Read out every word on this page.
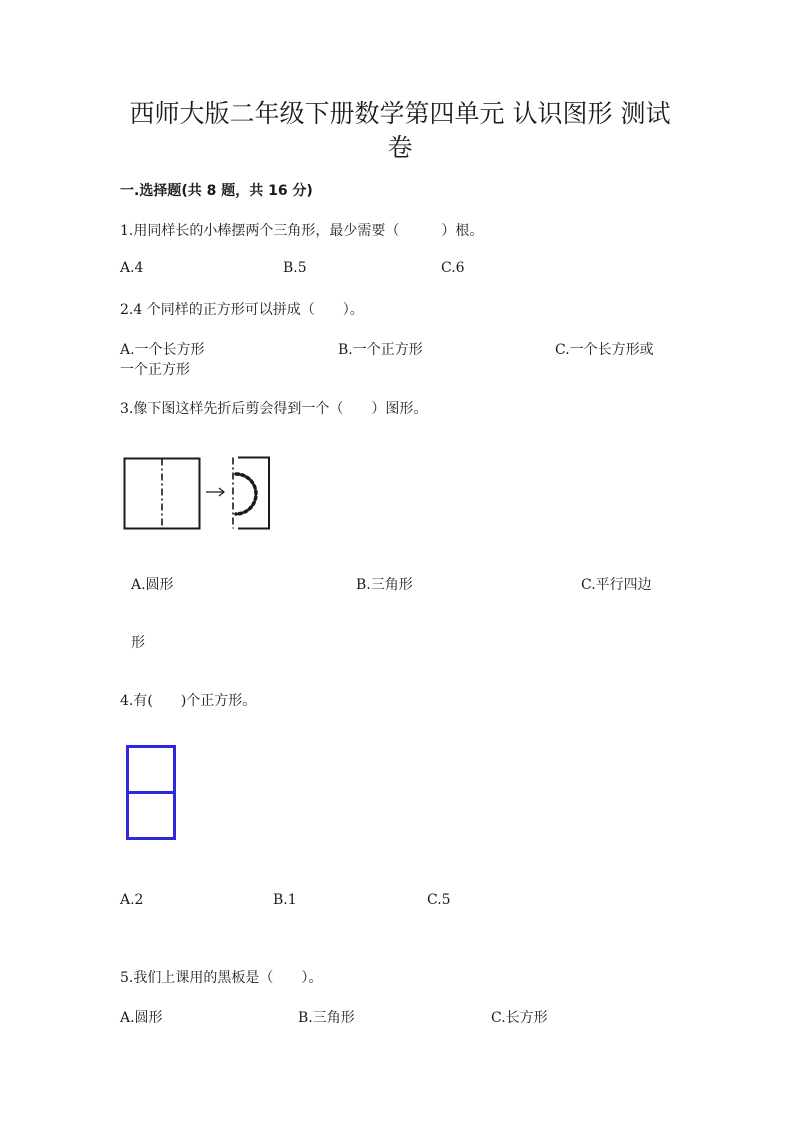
西师大版二年级下册数学第四单元 认识图形 测试
卷
一.选择题(共 8 题，共 16 分)
1.用同样长的小棒摆两个三角形，最少需要（　　　）根。
A.4	B.5	C.6
2.4 个同样的正方形可以拼成（　　）。
A.一个长方形	B.一个正方形	C.一个长方形或
一个正方形
3.像下图这样先折后剪会得到一个（　　）图形。
A.圆形	B.三角形	C.平行四边
形
4.有(　　)个正方形。
A.2	B.1	C.5
5.我们上课用的黑板是（　　）。
A.圆形	B.三角形	C.长方形
